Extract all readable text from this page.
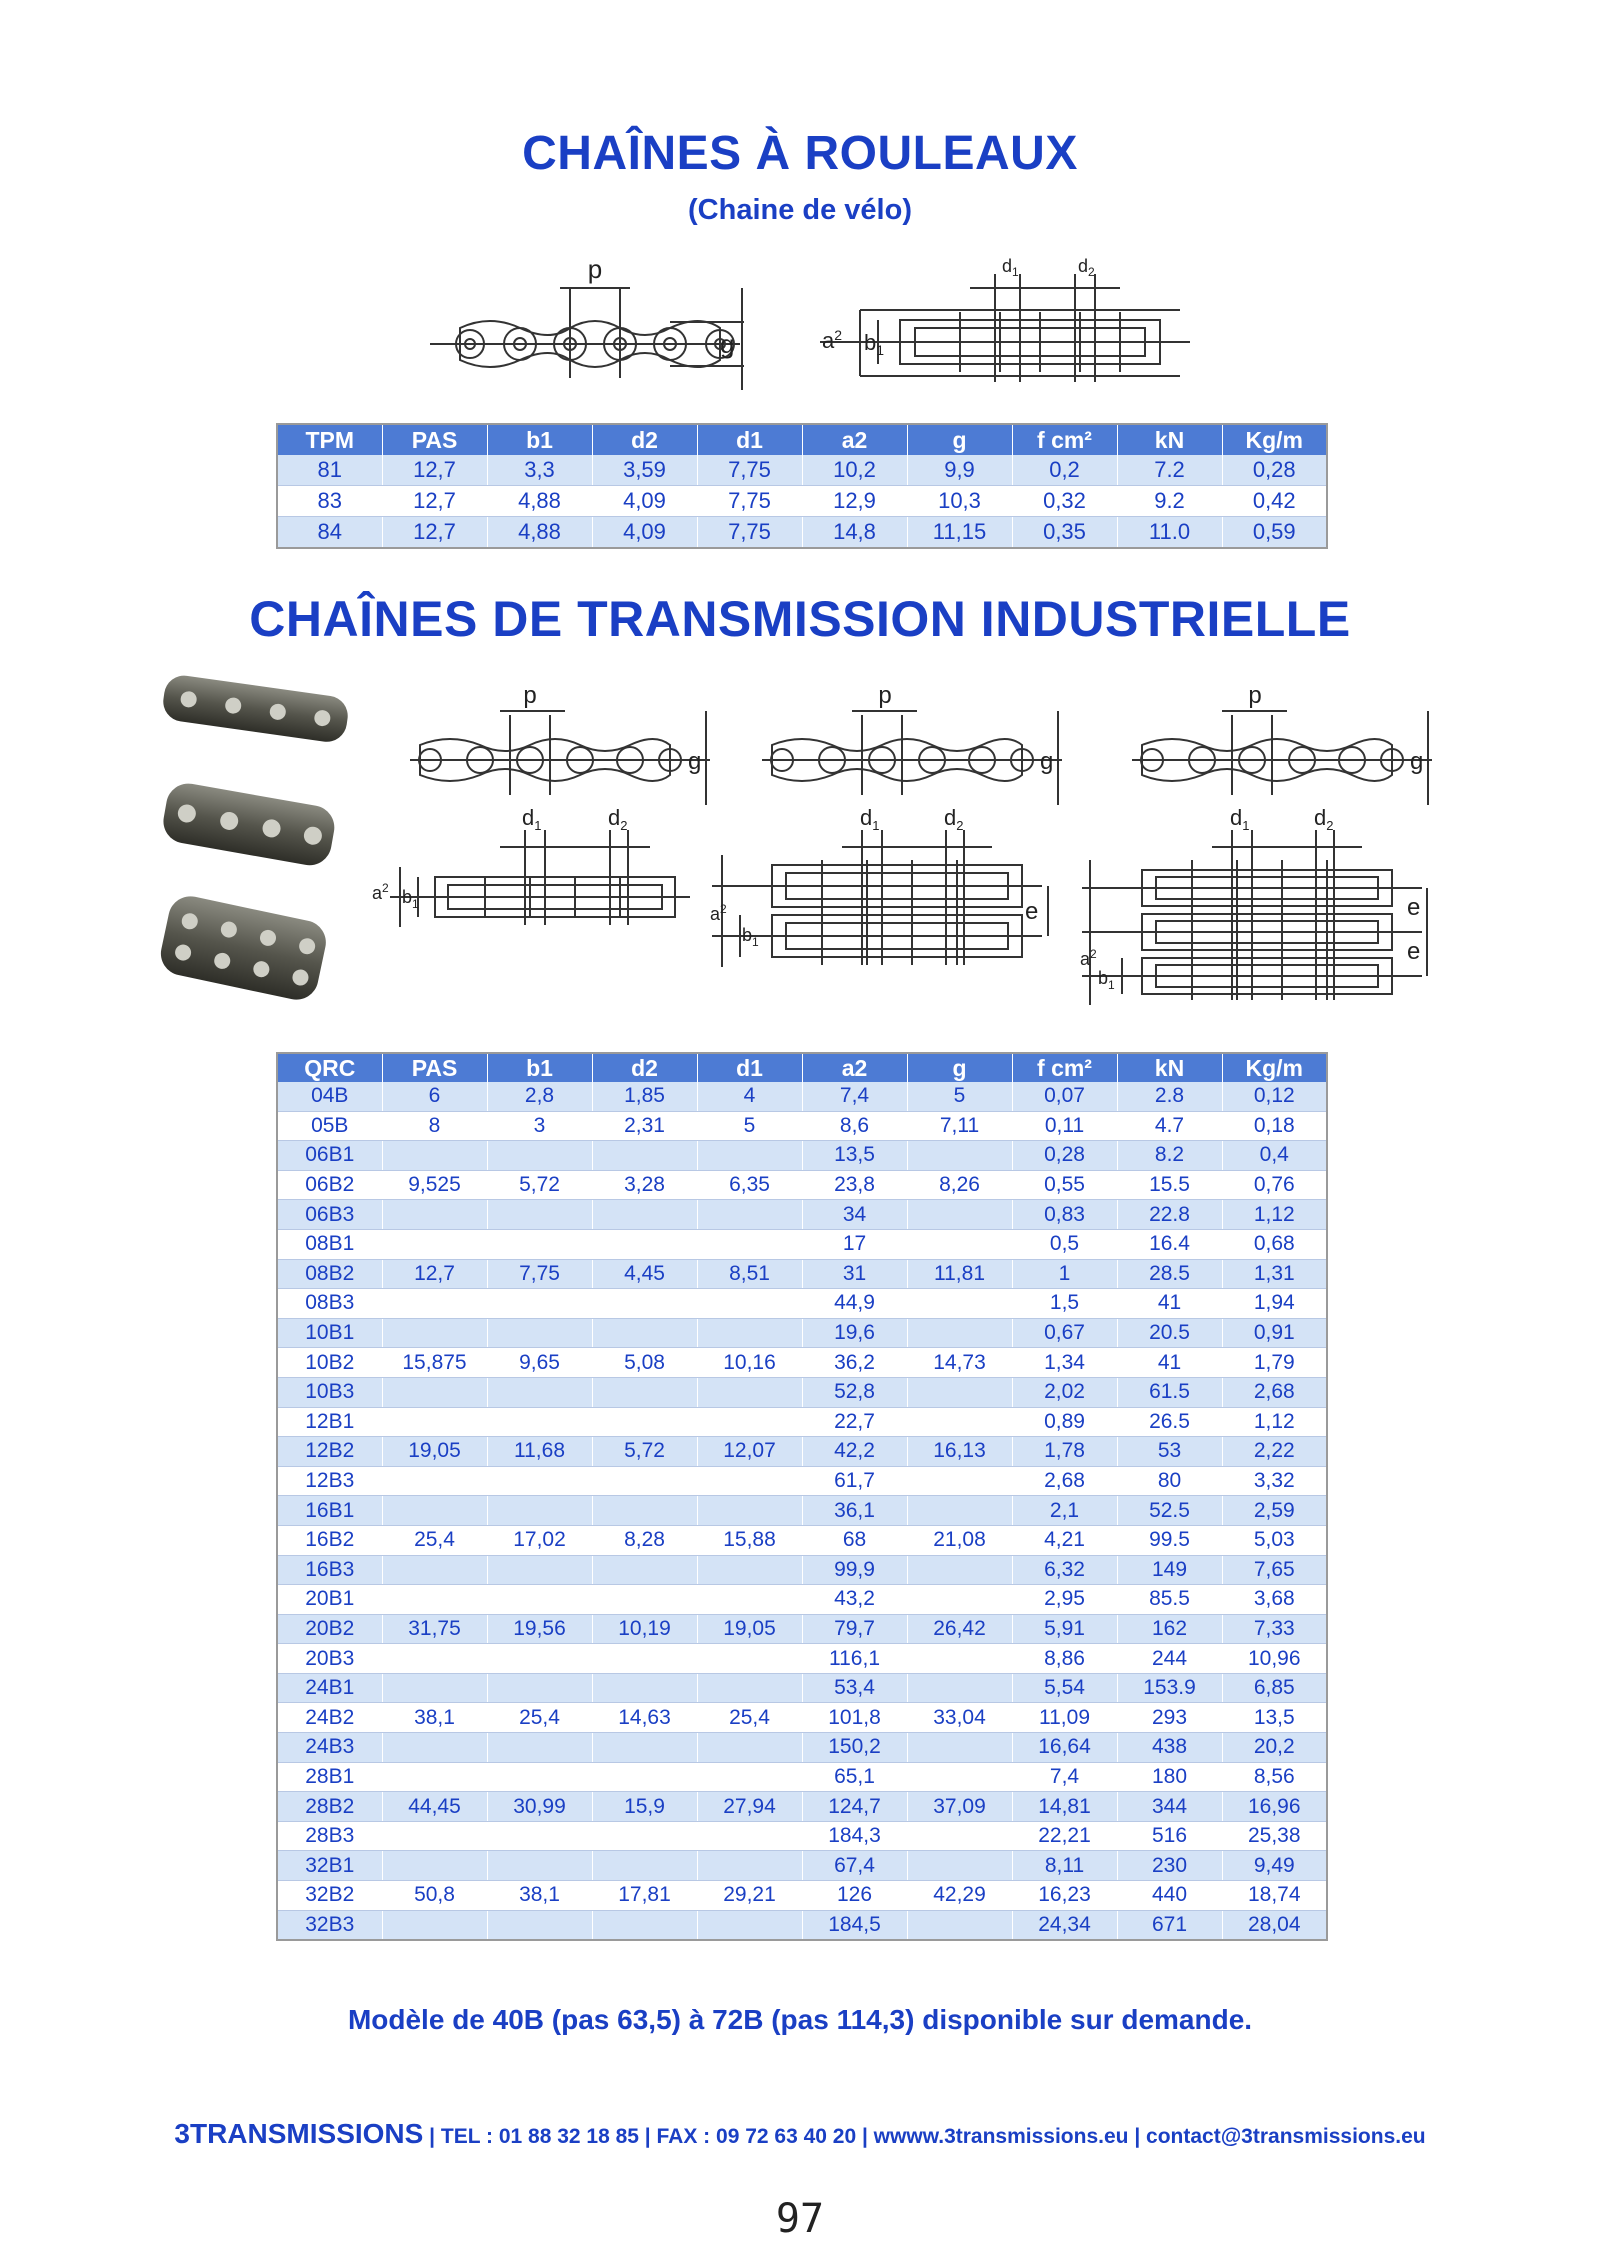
CHAÎNES À ROULEAUX
(Chaine de vélo)
p
g
$d_1$	$d_2$
$a^2$ $b_1$
TPM	PAS	b1	d2	d1	a2	g	f cm²	kN	Kg/m
81	12,7	3,3	3,59	7,75	10,2	9,9	0,2	7.2	0,28
83	12,7	4,88	4,09	7,75	12,9	10,3	0,32	9.2	0,42
84	12,7	4,88	4,09	7,75	14,8	11,15	0,35	11.0	0,59
CHAÎNES DE TRANSMISSION INDUSTRIELLE
p
g
$d_1$	$d_2$
$a^2$ $b_1$
p
g
$d_1$	$d_2$
e
$a^2$
$b_1$
p
g
$d_1$	$d_2$
e
e
$a^2$
$b_1$
QRC	PAS	b1	d2	d1	a2	g	f cm²	kN	Kg/m
04B	6	2,8	1,85	4	7,4	5	0,07	2.8	0,12
05B	8	3	2,31	5	8,6	7,11	0,11	4.7	0,18
06B1					13,5		0,28	8.2	0,4
06B2	9,525	5,72	3,28	6,35	23,8	8,26	0,55	15.5	0,76
06B3					34		0,83	22.8	1,12
08B1					17		0,5	16.4	0,68
08B2	12,7	7,75	4,45	8,51	31	11,81	1	28.5	1,31
08B3					44,9		1,5	41	1,94
10B1					19,6		0,67	20.5	0,91
10B2	15,875	9,65	5,08	10,16	36,2	14,73	1,34	41	1,79
10B3					52,8		2,02	61.5	2,68
12B1					22,7		0,89	26.5	1,12
12B2	19,05	11,68	5,72	12,07	42,2	16,13	1,78	53	2,22
12B3					61,7		2,68	80	3,32
16B1					36,1		2,1	52.5	2,59
16B2	25,4	17,02	8,28	15,88	68	21,08	4,21	99.5	5,03
16B3					99,9		6,32	149	7,65
20B1					43,2		2,95	85.5	3,68
20B2	31,75	19,56	10,19	19,05	79,7	26,42	5,91	162	7,33
20B3					116,1		8,86	244	10,96
24B1					53,4		5,54	153.9	6,85
24B2	38,1	25,4	14,63	25,4	101,8	33,04	11,09	293	13,5
24B3					150,2		16,64	438	20,2
28B1					65,1		7,4	180	8,56
28B2	44,45	30,99	15,9	27,94	124,7	37,09	14,81	344	16,96
28B3					184,3		22,21	516	25,38
32B1					67,4		8,11	230	9,49
32B2	50,8	38,1	17,81	29,21	126	42,29	16,23	440	18,74
32B3					184,5		24,34	671	28,04
Modèle de 40B (pas 63,5) à 72B (pas 114,3) disponible sur demande.
3TRANSMISSIONS | TEL : 01 88 32 18 85 | FAX : 09 72 63 40 20 | wwww.3transmissions.eu | contact@3transmissions.eu
97
